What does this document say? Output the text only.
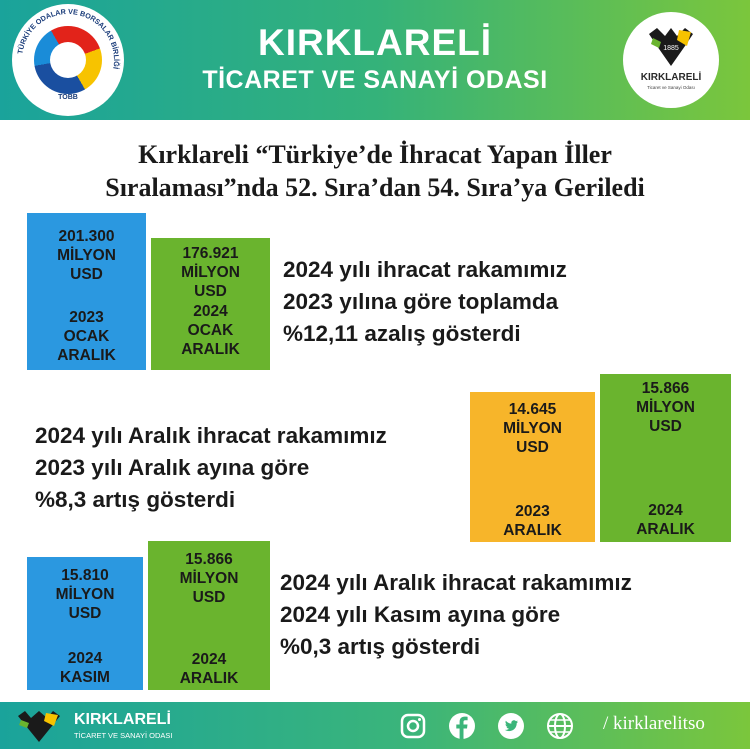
TÜRKİYE ODALAR VE BORSALAR BİRLİĞİ
TOBB
KIRKLARELİ
TİCARET VE SANAYİ ODASI
1885
KIRKLARELİ
Ticaret ve Sanayi Odası
Kırklareli “Türkiye’de İhracat Yapan İller
Sıralaması”nda 52. Sıra’dan 54. Sıra’ya Geriledi
201.300
MİLYON
USD
2023
OCAK
ARALIK
176.921
MİLYON
USD
2024
OCAK
ARALIK
2024 yılı ihracat rakamımız
2023 yılına göre toplamda
%12,11 azalış gösterdi
2024 yılı Aralık ihracat rakamımız
2023 yılı Aralık ayına göre
%8,3 artış gösterdi
14.645
MİLYON
USD
2023
ARALIK
15.866
MİLYON
USD
2024
ARALIK
15.810
MİLYON
USD
2024
KASIM
15.866
MİLYON
USD
2024
ARALIK
2024 yılı Aralık ihracat rakamımız
2024 yılı Kasım ayına göre
%0,3 artış gösterdi
KIRKLARELİ
TİCARET VE SANAYİ ODASI
/ kirklarelitso
